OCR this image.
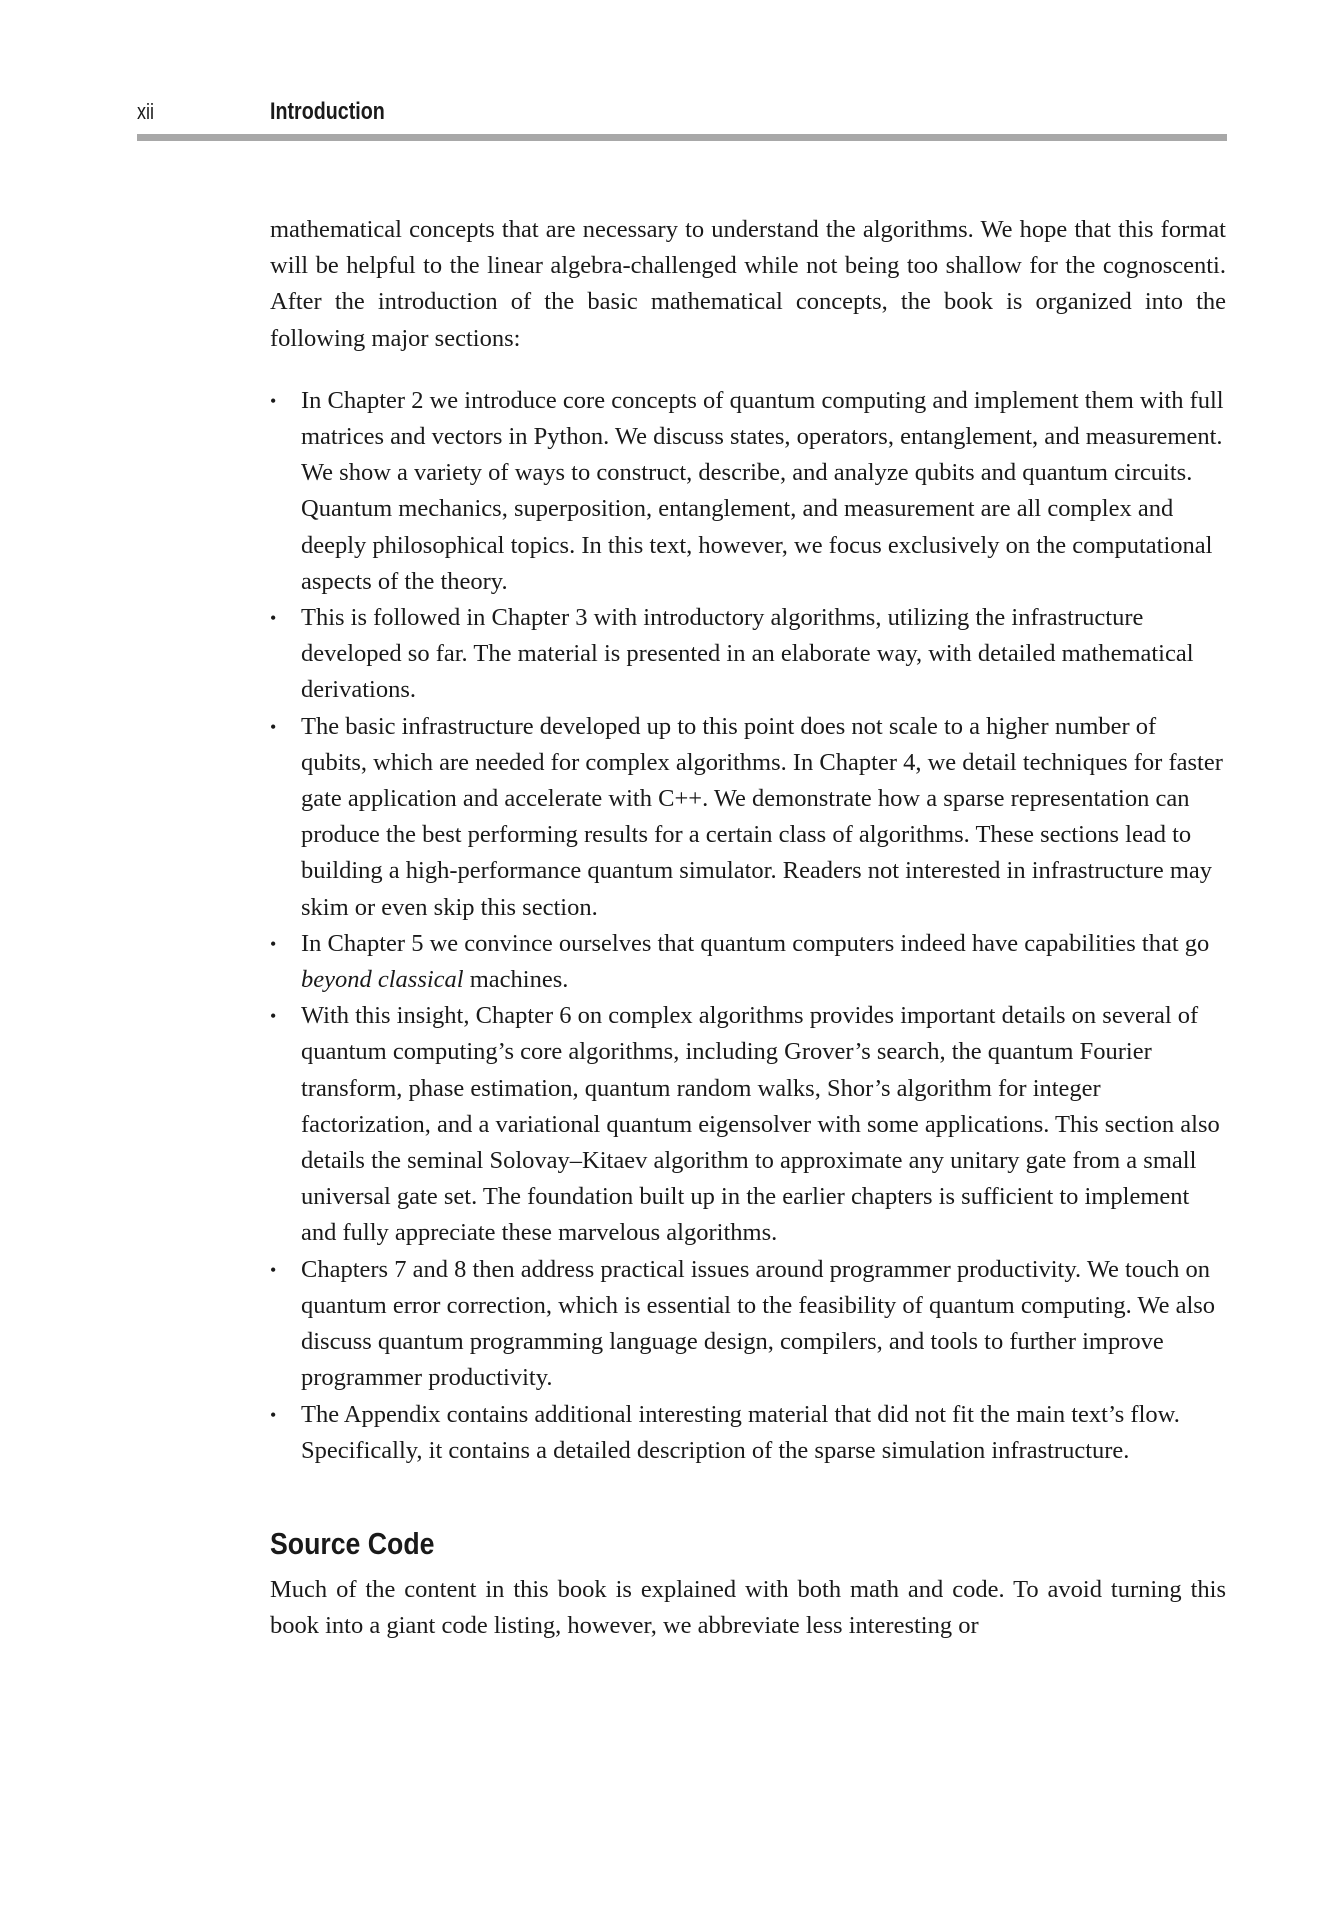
xii	Introduction

mathematical concepts that are necessary to understand the algorithms. We hope that this format will be helpful to the linear algebra-challenged while not being too shallow for the cognoscenti. After the introduction of the basic mathematical concepts, the book is organized into the following major sections:

• In Chapter 2 we introduce core concepts of quantum computing and implement them with full matrices and vectors in Python. We discuss states, operators, entanglement, and measurement. We show a variety of ways to construct, describe, and analyze qubits and quantum circuits. Quantum mechanics, superposition, entanglement, and measurement are all complex and deeply philosophical topics. In this text, however, we focus exclusively on the computational aspects of the theory.
• This is followed in Chapter 3 with introductory algorithms, utilizing the infrastructure developed so far. The material is presented in an elaborate way, with detailed mathematical derivations.
• The basic infrastructure developed up to this point does not scale to a higher number of qubits, which are needed for complex algorithms. In Chapter 4, we detail techniques for faster gate application and accelerate with C++. We demonstrate how a sparse representation can produce the best performing results for a certain class of algorithms. These sections lead to building a high-performance quantum simulator. Readers not interested in infrastructure may skim or even skip this section.
• In Chapter 5 we convince ourselves that quantum computers indeed have capabilities that go beyond classical machines.
• With this insight, Chapter 6 on complex algorithms provides important details on several of quantum computing’s core algorithms, including Grover’s search, the quantum Fourier transform, phase estimation, quantum random walks, Shor’s algorithm for integer factorization, and a variational quantum eigensolver with some applications. This section also details the seminal Solovay–Kitaev algorithm to approximate any unitary gate from a small universal gate set. The foundation built up in the earlier chapters is sufficient to implement and fully appreciate these marvelous algorithms.
• Chapters 7 and 8 then address practical issues around programmer productivity. We touch on quantum error correction, which is essential to the feasibility of quantum computing. We also discuss quantum programming language design, compilers, and tools to further improve programmer productivity.
• The Appendix contains additional interesting material that did not fit the main text’s flow. Specifically, it contains a detailed description of the sparse simulation infrastructure.
Source Code

Much of the content in this book is explained with both math and code. To avoid turning this book into a giant code listing, however, we abbreviate less interesting or
